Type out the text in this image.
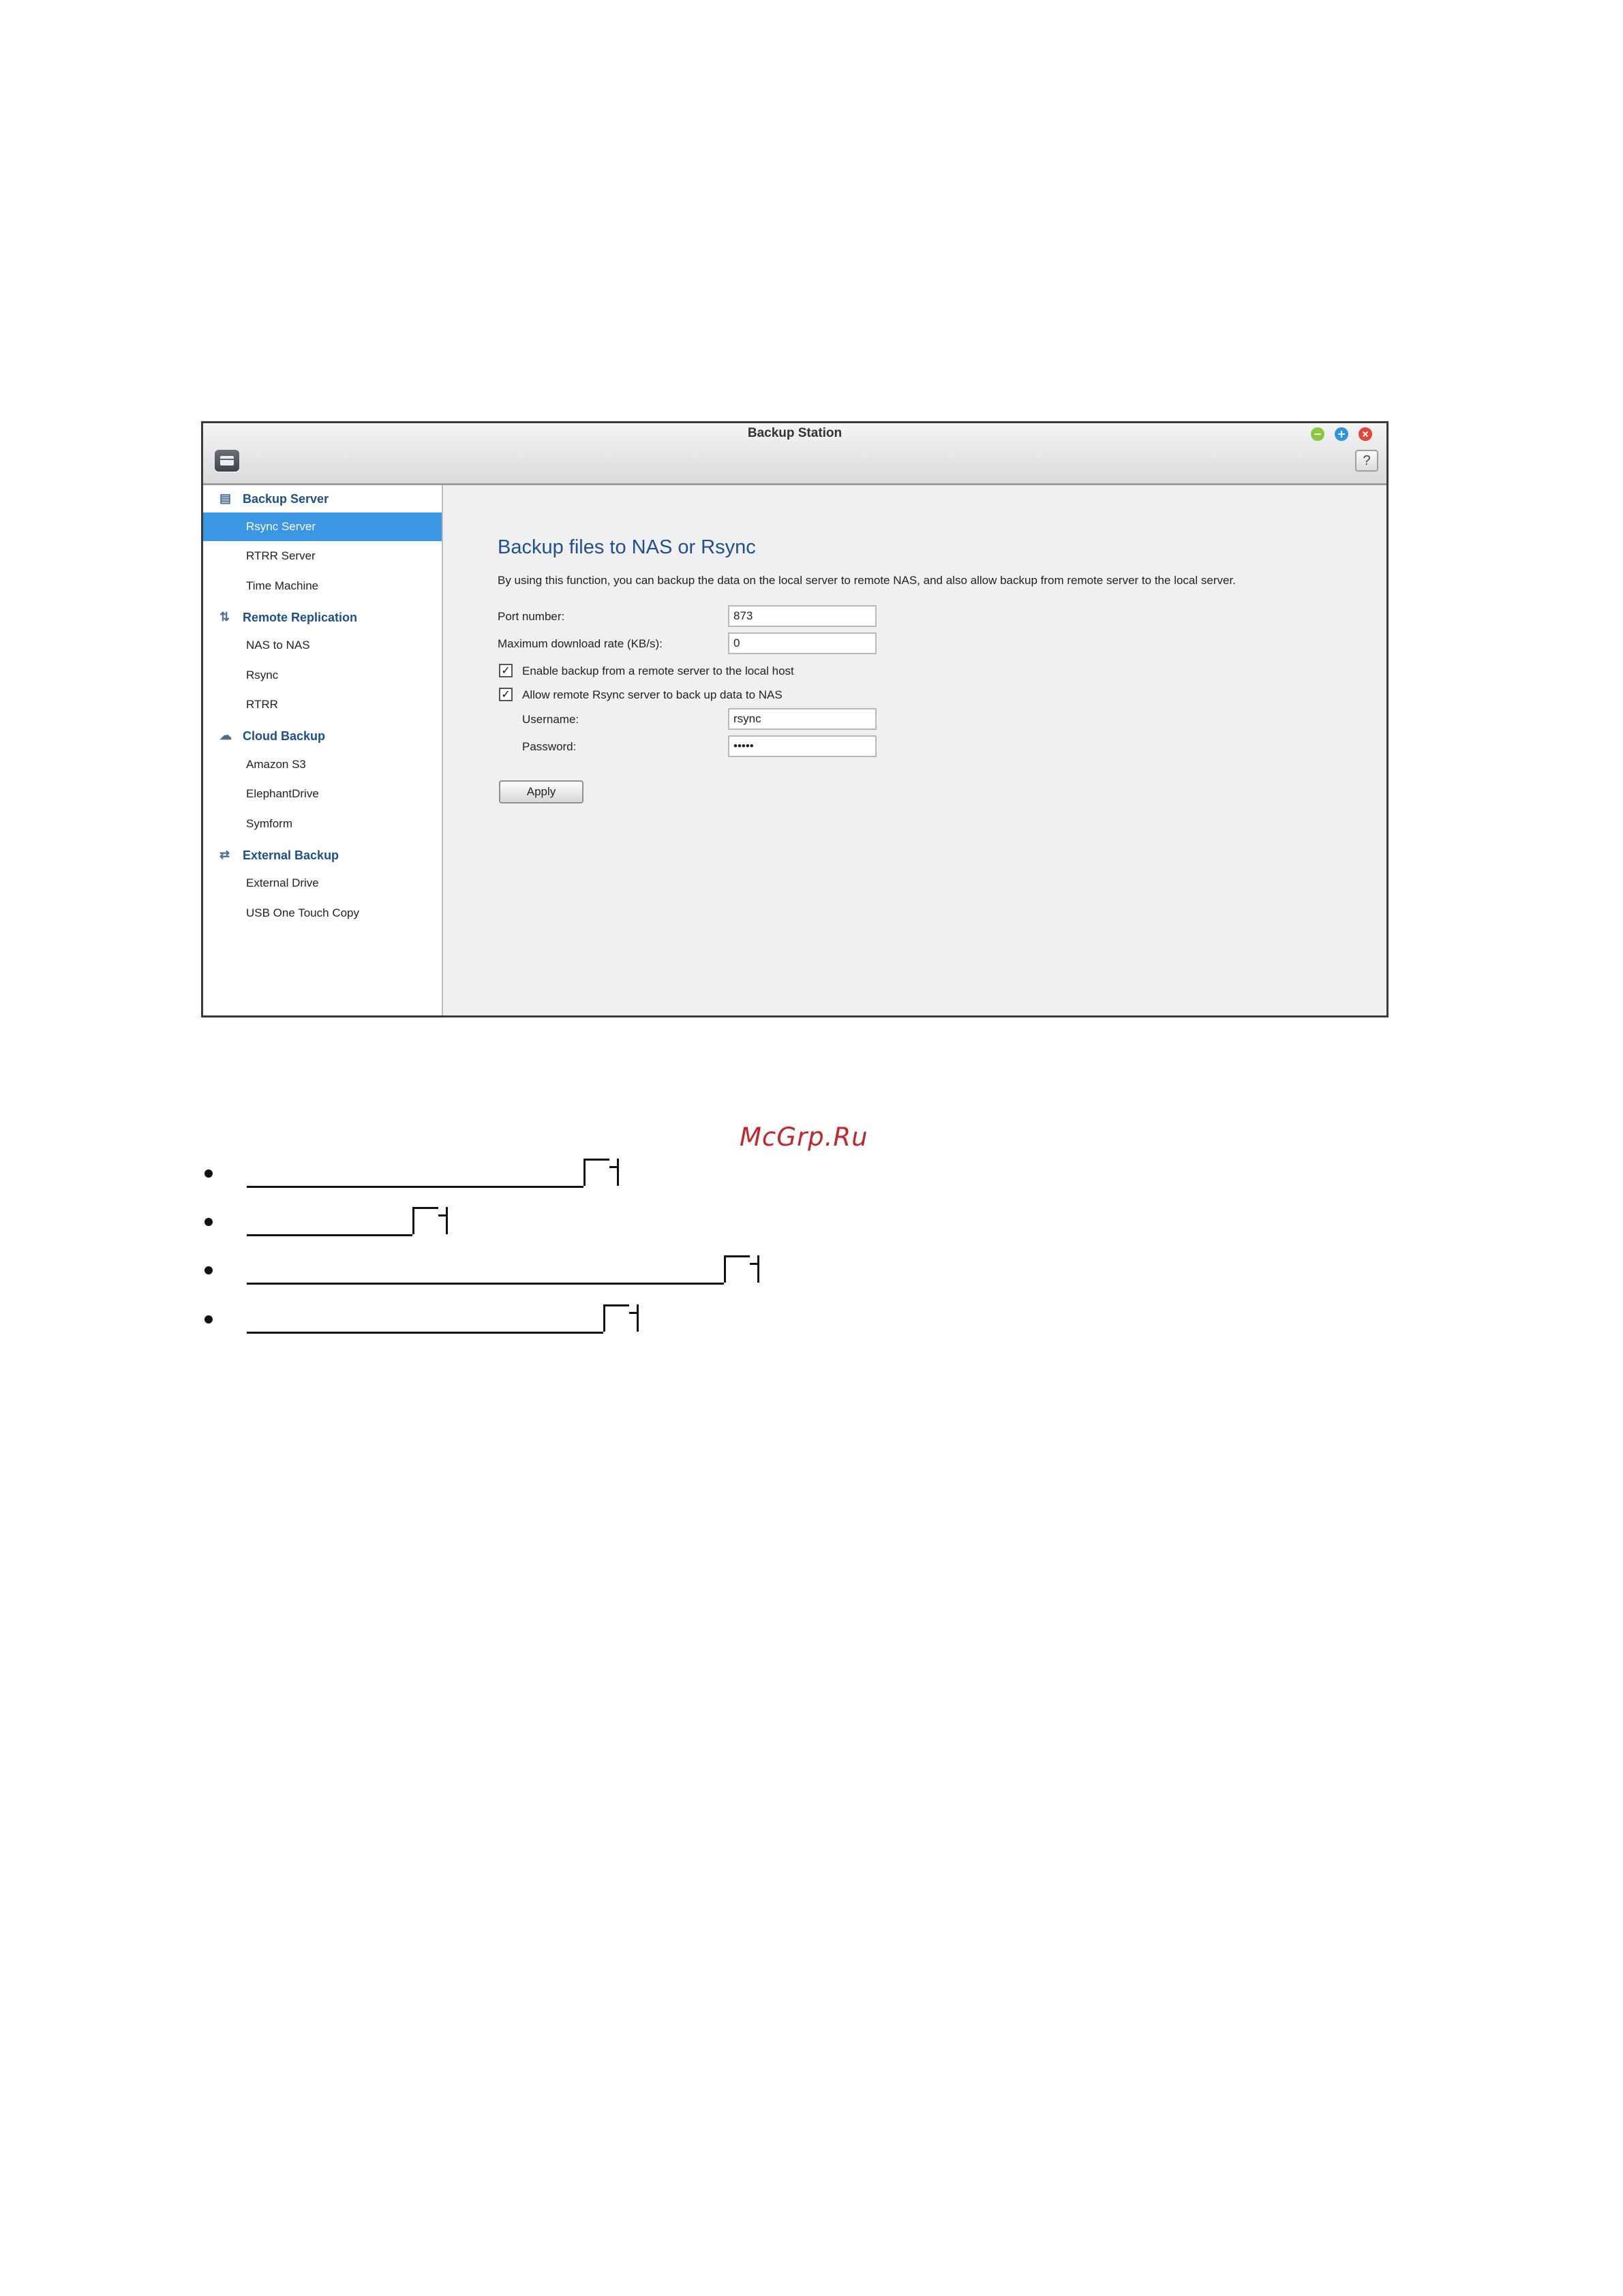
Backup Station
?
▤ Backup Server
Rsync Server
RTRR Server
Time Machine
⇅	Remote Replication
NAS to NAS
Rsync
RTRR
☁ Cloud Backup
Amazon S3
ElephantDrive
Symform
⇄	External Backup
External Drive
USB One Touch Copy
Backup files to NAS or Rsync
By using this function, you can backup the data on the local server to remote NAS, and also allow backup from remote server to the local server.
Port number:	873
Maximum download rate (KB/s):	0
✓ Enable backup from a remote server to the local host
✓ Allow remote Rsync server to back up data to NAS
Username:	rsync
Password:	•••••
Apply
McGrp.Ru
